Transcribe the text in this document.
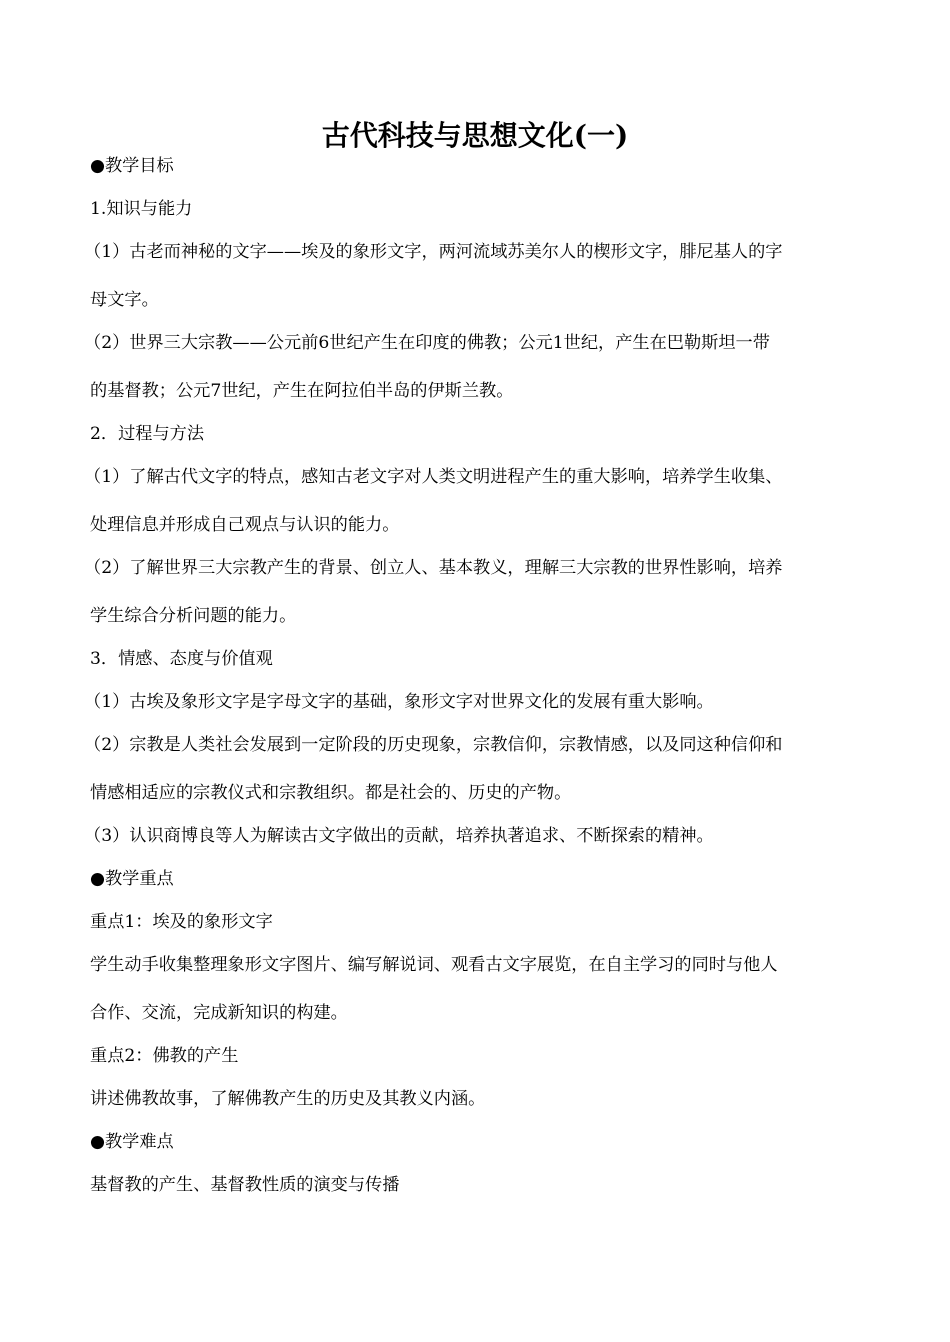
古代科技与思想文化(一)
●教学目标
1.知识与能力
（1）古老而神秘的文字——埃及的象形文字，两河流域苏美尔人的楔形文字，腓尼基人的字
母文字。
（2）世界三大宗教——公元前6世纪产生在印度的佛教；公元1世纪，产生在巴勒斯坦一带
的基督教；公元7世纪，产生在阿拉伯半岛的伊斯兰教。
2．过程与方法
（1）了解古代文字的特点，感知古老文字对人类文明进程产生的重大影响，培养学生收集、
处理信息并形成自己观点与认识的能力。
（2）了解世界三大宗教产生的背景、创立人、基本教义，理解三大宗教的世界性影响，培养
学生综合分析问题的能力。
3．情感、态度与价值观
（1）古埃及象形文字是字母文字的基础，象形文字对世界文化的发展有重大影响。
（2）宗教是人类社会发展到一定阶段的历史现象，宗教信仰，宗教情感，以及同这种信仰和
情感相适应的宗教仪式和宗教组织。都是社会的、历史的产物。
（3）认识商博良等人为解读古文字做出的贡献，培养执著追求、不断探索的精神。
●教学重点
重点1：埃及的象形文字
学生动手收集整理象形文字图片、编写解说词、观看古文字展览，在自主学习的同时与他人
合作、交流，完成新知识的构建。
重点2：佛教的产生
讲述佛教故事，了解佛教产生的历史及其教义内涵。
●教学难点
基督教的产生、基督教性质的演变与传播
